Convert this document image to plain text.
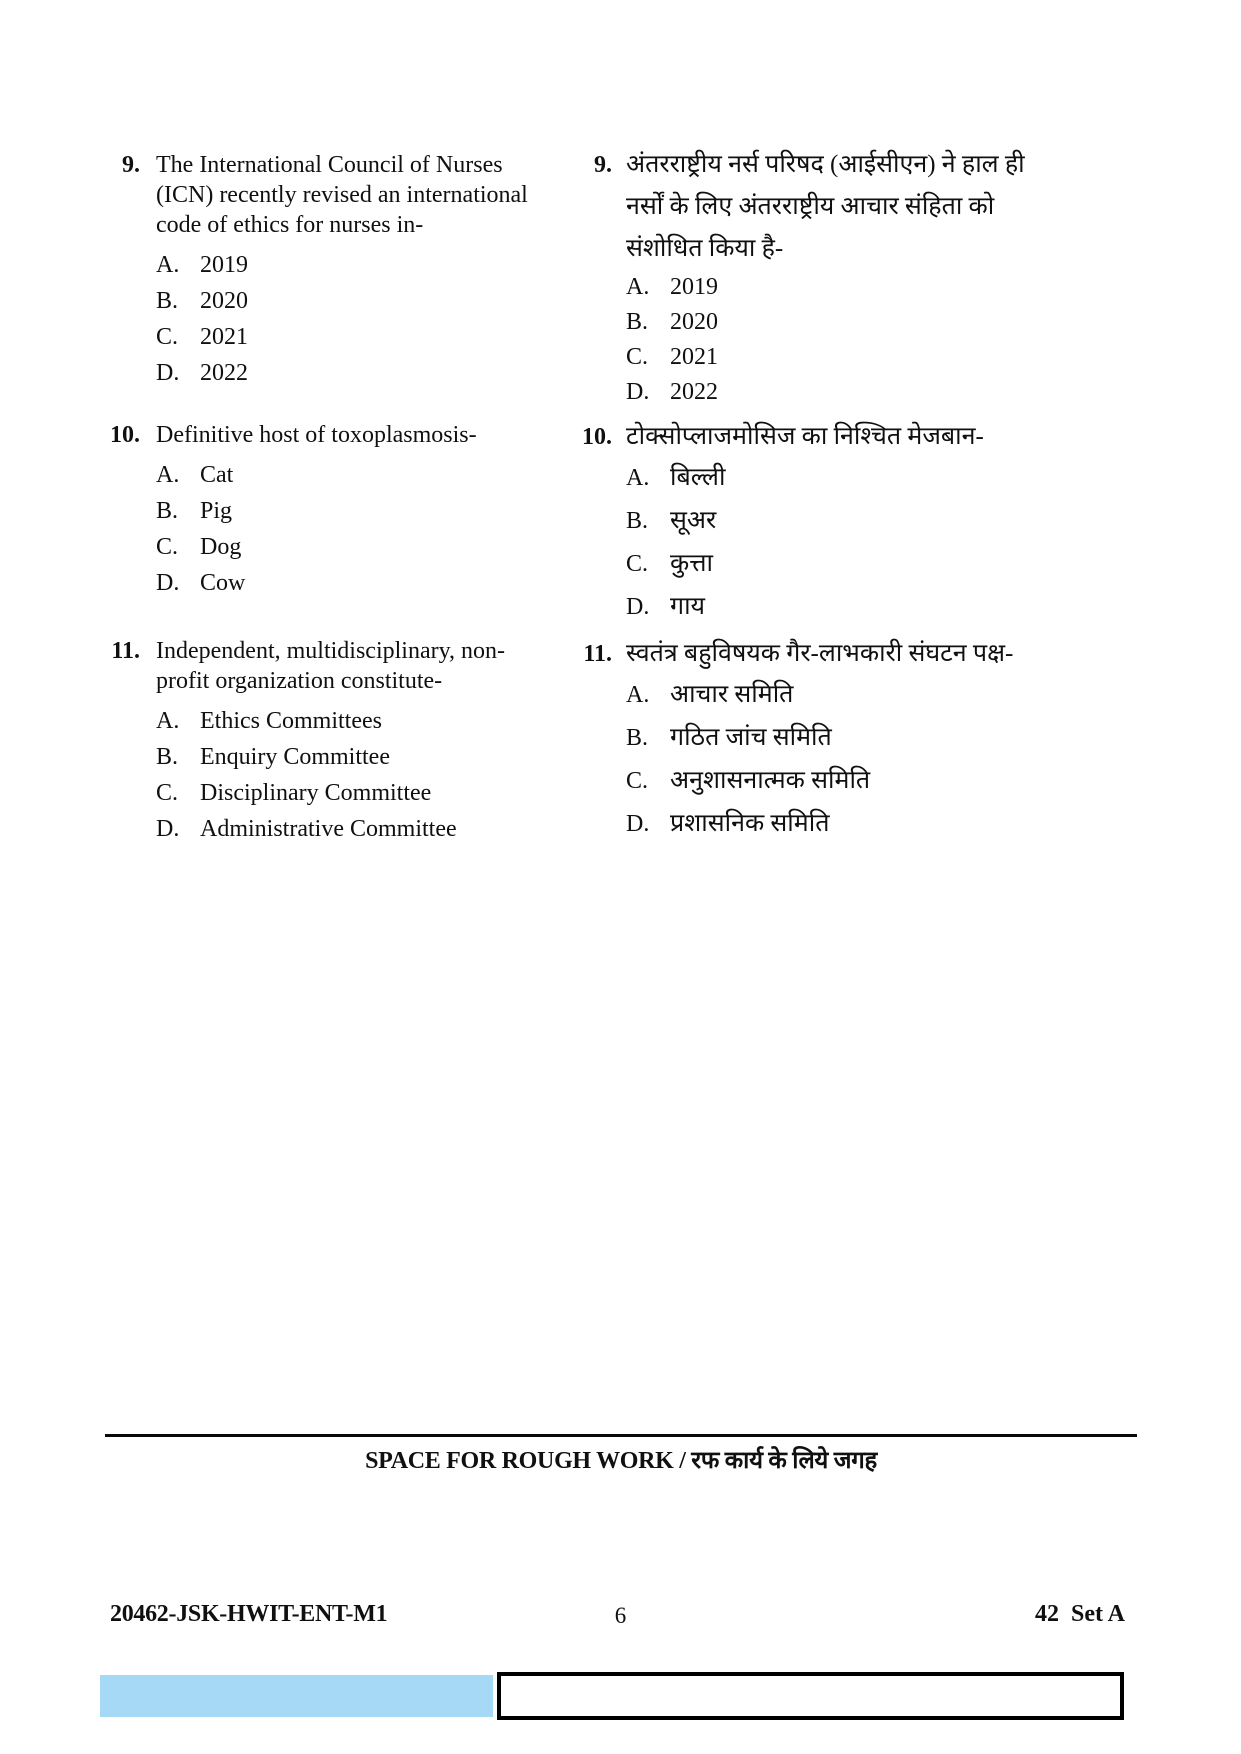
9. The International Council of Nurses
(ICN) recently revised an international
code of ethics for nurses in-
A. 2019
B. 2020
C. 2021
D. 2022
10. Definitive host of toxoplasmosis-
A. Cat
B. Pig
C. Dog
D. Cow
11. Independent, multidisciplinary, non-
profit organization constitute-
A. Ethics Committees
B. Enquiry Committee
C. Disciplinary Committee
D. Administrative Committee
9. अंतरराष्ट्रीय नर्स परिषद (आईसीएन) ने हाल ही
नर्सों के लिए अंतरराष्ट्रीय आचार संहिता को
संशोधित किया है-
A. 2019
B. 2020
C. 2021
D. 2022
10. टोक्सोप्लाजमोसिज का निश्चित मेजबान-
A. बिल्ली
B. सूअर
C. कुत्ता
D. गाय
11. स्वतंत्र बहुविषयक गैर-लाभकारी संघटन पक्ष-
A. आचार समिति
B. गठित जांच समिति
C. अनुशासनात्मक समिति
D. प्रशासनिक समिति
SPACE FOR ROUGH WORK / रफ कार्य के लिये जगह
20462-JSK-HWIT-ENT-M1	6	42  Set A
